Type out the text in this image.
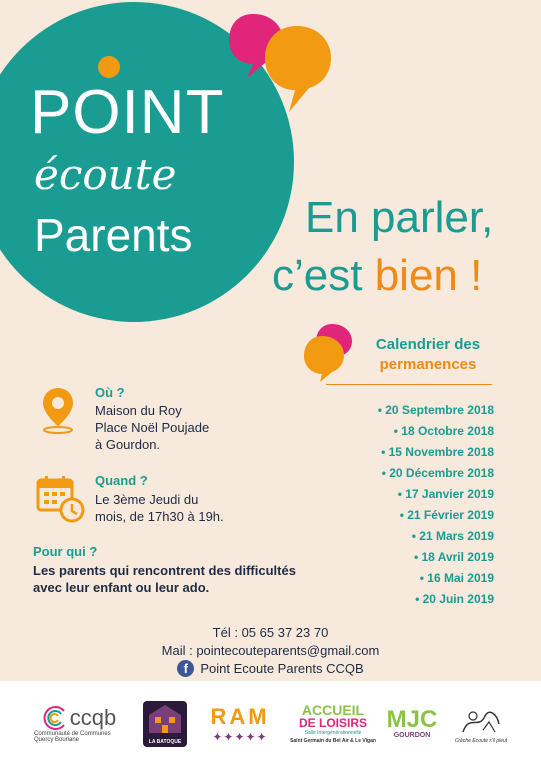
POINT
écoute
Parents	En parler,
c’est bien !
Calendrier des
permanences
• 20 Septembre 2018
• 18 Octobre 2018
• 15 Novembre 2018
• 20 Décembre 2018
• 17 Janvier 2019
• 21 Février 2019
• 21 Mars 2019
• 18 Avril 2019
• 16 Mai 2019
• 20 Juin 2019
Où ?
Maison du Roy
Place Noël Poujade
à Gourdon.
Quand ?
Le 3ème Jeudi du
mois, de 17h30 à 19h.
Pour qui ?
Les parents qui rencontrent des difficultés
avec leur enfant ou leur ado.
Tél : 05 65 37 23 70
Mail : pointecouteparents@gmail.com
f Point Ecoute Parents CCQB
ccqb
Communauté de Communes Quercy Bouriane	LA BATOQUE
RAM
✦✦✦✦✦
ACCUEIL
DE LOISIRS
Salle Intergénérationnelle
Saint Germain du Bel Air & Le Vigan
MJC
GOURDON
Crèche Ecoute s'il pleut
